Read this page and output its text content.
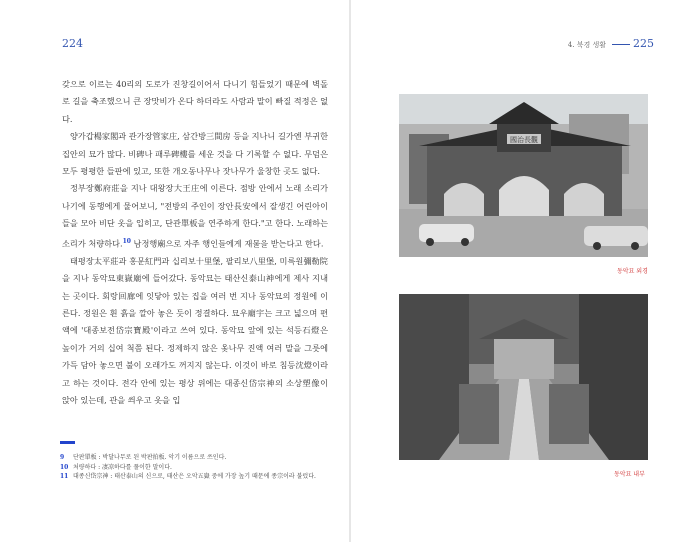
224

갖으로 이르는 40리의 도로가 진창길이어서 다니기 힘들었기 때문에 벽돌로 길을 축조했으니 큰 장맛비가 온다 하더라도 사람과 말이 빠질 적정은 없다.

양가갑楊家閣과 관가장管家庄, 삼간방三間房 등을 지나니 길가엔 부귀한 집안의 묘가 많다. 비碑나 패루碑樓를 세운 것을 다 기록할 수 없다. 무덤은 모두 평평한 들판에 있고, 또한 개오동나무나 잣나무가 울창한 곳도 없다.

정부장鄭府莊을 지나 대왕장大王庄에 이른다. 점방 안에서 노래 소리가 나기에 동행에게 물어보니, "전방의 주인이 장안長安에서 잘생긴 어린아이들을 모아 비단 옷을 입히고, 단관單板을 연주하게 한다."고 한다. 노래하는 소리가 처량하다.$^{10}$ 남정행廟으로 자주 행인들에게 재물을 받는다고 한다.

태평장太平莊과 홍문紅門과 십리보十里堡, 팔리보八里堡, 미륵원彌勒院을 지나 동악묘東嶽廟에 들어갔다. 동악묘는 태산신泰山神에게 제사 지내는 곳이다. 회랑回廊에 잇닿아 있는 집을 여러 번 지나 동악묘의 정원에 이른다. 정원은 흰 흙을 깔아 놓은 듯이 정결하다. 묘우廟宇는 크고 넓으며 편액에 '대종보전岱宗寶殿'이라고 쓰여 있다. 동악묘 앞에 있는 석등石燈은 높이가 거의 십여 척쯤 된다. 정제하지 않은 옻나무 진액 여러 말을 그릇에 가득 담아 놓으면 불이 오래가도 꺼지지 않는다. 이것이 바로 침등沈燈이라고 하는 것이다. 전각 안에 있는 평상 위에는 대종신岱宗神의 소상塑像이 앉아 있는데, 관을 씌우고 옷을 입

9	단판單板 : 박달나무로 된 박판拍板. 악기 이름으로 쓰인다.
10 처량하다 : 凄凉하다를 풀이한 말이다.
11 대종신岱宗神 : 태산泰山의 신으로, 태산은 오악五嶽 중에 가장 높기 때문에 종宗이라 불렀다.
4. 북경 생활 225
國治長觀
동악묘 외경
동악묘 내부
